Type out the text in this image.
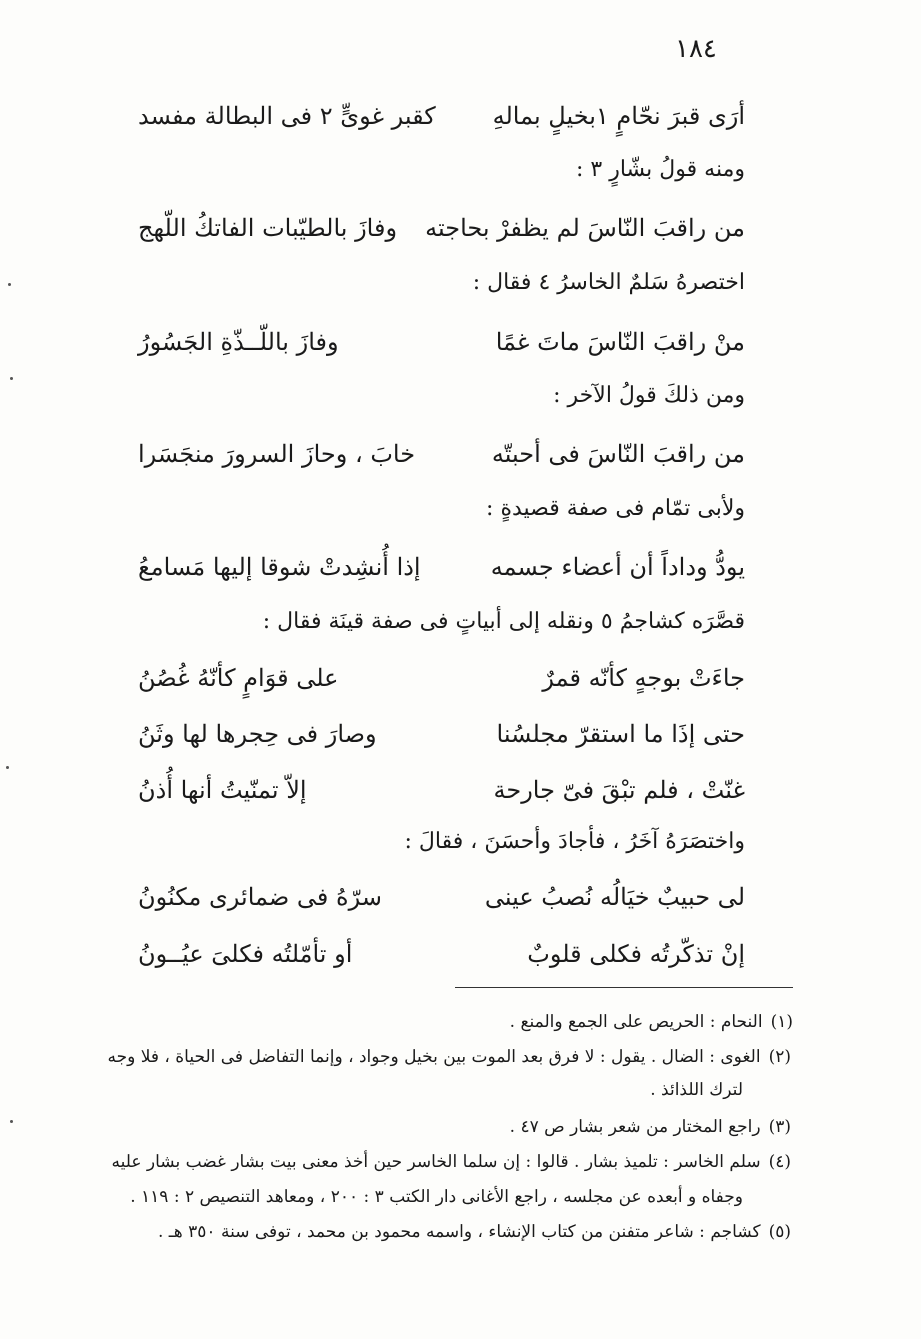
١٨٤
أرَى قبرَ نحّامٍ ١بخيلٍ بمالهِ
كقبر غوىٍّ ٢ فى البطالة مفسد
ومنه قولُ بشّارٍ ٣ :
من راقبَ النّاسَ لم يظفرْ بحاجته
وفازَ بالطيّبات الفاتكُ اللّهج
اختصرهُ سَلمٌ الخاسرُ ٤ فقال :
منْ راقبَ النّاسَ ماتَ غمًا
وفازَ باللّــذّةِ الجَسُورُ
ومن ذلكَ قولُ الآخر :
من راقبَ النّاسَ فى أحبتّه
خابَ ، وحازَ السرورَ منجَسَرا
ولأبى تمّام فى صفة قصيدةٍ :
يودُّ وداداً أن أعضاء جسمه
إذا أُنشِدتْ شوقا إليها مَسامعُ
قصَّرَه كشاجمُ ٥ ونقله إلى أبياتٍ فى صفة قينَة فقال :
جاءَتْ بوجهٍ كأنّه قمرٌ
على قوَامٍ كأنّهُ غُصُنُ
حتى إذَا ما استقرّ مجلسُنا
وصارَ فى حِجرها لها وثَنُ
غنّتْ ، فلم تبْقَ فىّ جارحة
إلاّ تمنّيتُ أنها أُذنُ
واختصَرَهُ آخَرُ ، فأجادَ وأحسَنَ ، فقالَ :
لى حبيبٌ خيَالُه نُصبُ عينى
سرّهُ فى ضمائرى مكنُونُ
إنْ تذكّرتُه فكلى قلوبٌ
أو تأمّلتُه فكلىَ عيُــونُ
(١)النحام : الحريص على الجمع والمنع .
(٢)الغوى : الضال . يقول : لا فرق بعد الموت بين بخيل وجواد ، وإنما التفاضل فى الحياة ، فلا وجه
لترك اللذائذ .
(٣)راجع المختار من شعر بشار ص ٤٧ .
(٤)سلم الخاسر : تلميذ بشار . قالوا : إن سلما الخاسر حين أخذ معنى بيت بشار غضب بشار عليه
وجفاه و أبعده عن مجلسه ، راجع الأغانى دار الكتب ٣ : ٢٠٠ ، ومعاهد التنصيص ٢ : ١١٩ .
(٥)كشاجم : شاعر متفنن من كتاب الإنشاء ، واسمه محمود بن محمد ، توفى سنة ٣٥٠ هـ .
